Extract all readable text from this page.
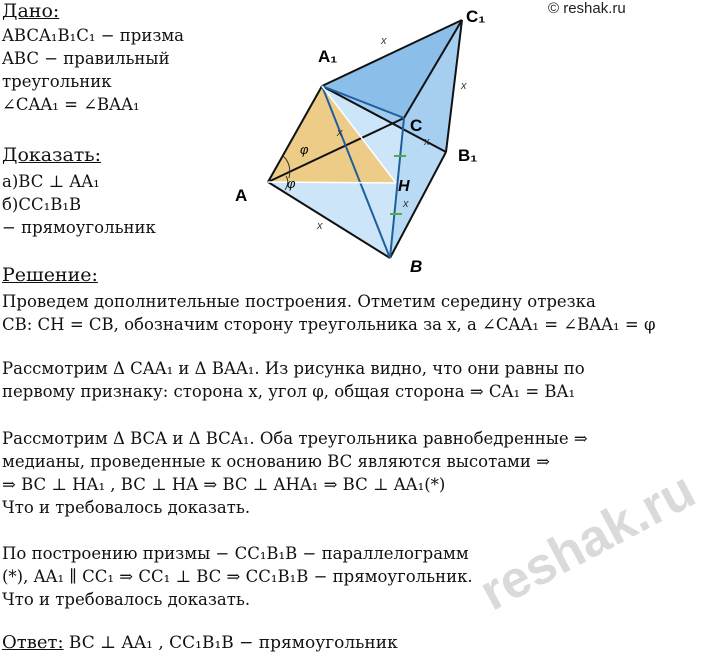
© reshak.ru
Дано:
ABCA₁B₁C₁ − призма
ABC − правильный
треугольник
∠CAA₁ = ∠BAA₁
Доказать:
а)BC ⊥ AA₁
б)CC₁B₁B
− прямоугольник
A
A₁
B
B₁
C
C₁
H
φ
φ
x
x
x
x
x
x
Решение:
Проведем дополнительные построения. Отметим середину отрезка
CB: CH = CB, обозначим сторону треугольника за x, а ∠CAA₁ = ∠BAA₁ = φ
Рассмотрим Δ CAA₁ и Δ BAA₁. Из рисунка видно, что они равны по
первому признаку: сторона x, угол φ, общая сторона ⇒ CA₁ = BA₁
Рассмотрим Δ BCA и Δ BCA₁. Оба треугольника равнобедренные ⇒
медианы, проведенные к основанию BC являются высотами ⇒
⇒ BC ⊥ HA₁ , BC ⊥ HA ⇒ BC ⊥ AHA₁ ⇒ BC ⊥ AA₁(*)
Что и требовалось доказать.
По построению призмы − CC₁B₁B − параллелограмм
(*), AA₁ ∥ CC₁ ⇒ CC₁ ⊥ BC ⇒ CC₁B₁B − прямоугольник.
Что и требовалось доказать.
Ответ: BC ⊥ AA₁ , CC₁B₁B − прямоугольник
reshak.ru
